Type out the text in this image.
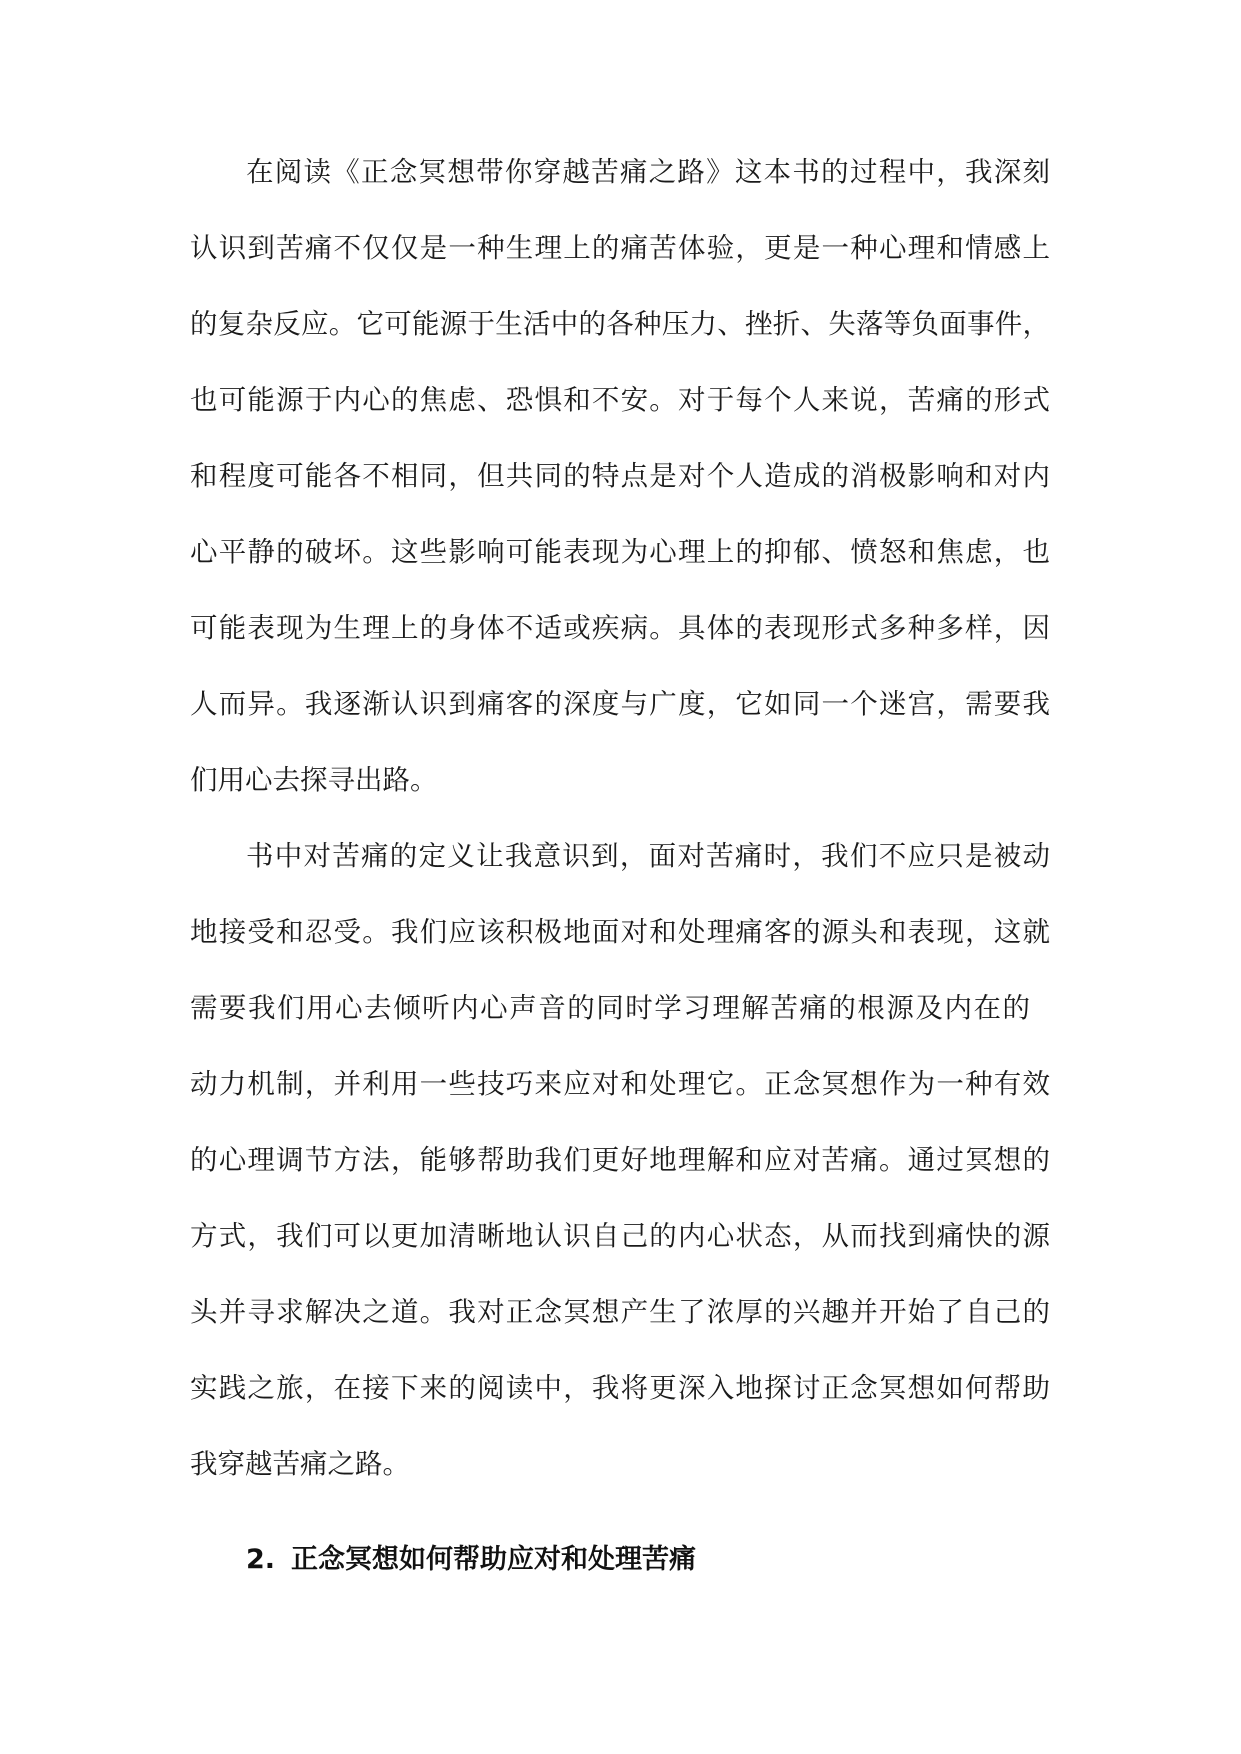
在阅读《正念冥想带你穿越苦痛之路》这本书的过程中，我深刻
认识到苦痛不仅仅是一种生理上的痛苦体验，更是一种心理和情感上
的复杂反应。它可能源于生活中的各种压力、挫折、失落等负面事件，
也可能源于内心的焦虑、恐惧和不安。对于每个人来说，苦痛的形式
和程度可能各不相同，但共同的特点是对个人造成的消极影响和对内
心平静的破坏。这些影响可能表现为心理上的抑郁、愤怒和焦虑，也
可能表现为生理上的身体不适或疾病。具体的表现形式多种多样，因
人而异。我逐渐认识到痛客的深度与广度，它如同一个迷宫，需要我
们用心去探寻出路。
书中对苦痛的定义让我意识到，面对苦痛时，我们不应只是被动
地接受和忍受。我们应该积极地面对和处理痛客的源头和表现，这就
需要我们用心去倾听内心声音的同时学习理解苦痛的根源及内在的
动力机制，并利用一些技巧来应对和处理它。正念冥想作为一种有效
的心理调节方法，能够帮助我们更好地理解和应对苦痛。通过冥想的
方式，我们可以更加清晰地认识自己的内心状态，从而找到痛快的源
头并寻求解决之道。我对正念冥想产生了浓厚的兴趣并开始了自己的
实践之旅，在接下来的阅读中，我将更深入地探讨正念冥想如何帮助
我穿越苦痛之路。
2. 正念冥想如何帮助应对和处理苦痛
